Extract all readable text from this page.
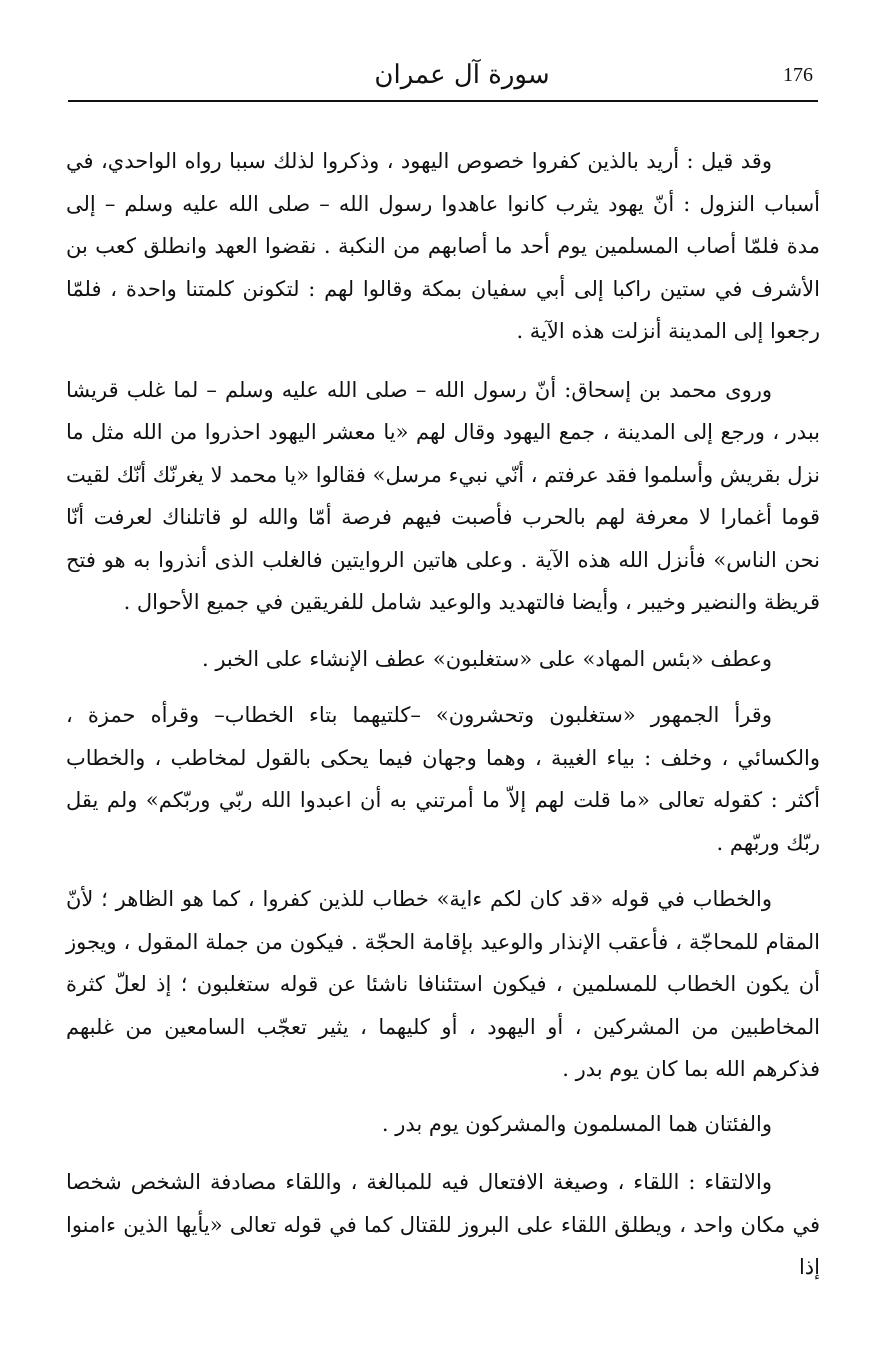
176
سورة آل عمران

وقد قيل : أريد بالذين كفروا خصوص اليهود ، وذكروا لذلك سببا رواه الواحدي، في أسباب النزول : أنّ يهود يثرب كانوا عاهدوا رسول الله – صلى الله عليه وسلم – إلى مدة فلمّا أصاب المسلمين يوم أحد ما أصابهم من النكبة . نقضوا العهد وانطلق كعب بن الأشرف في ستين راكبا إلى أبي سفيان بمكة وقالوا لهم : لتكونن كلمتنا واحدة ، فلمّا رجعوا إلى المدينة أنزلت هذه الآية .

وروى محمد بن إسحاق: أنّ رسول الله – صلى الله عليه وسلم – لما غلب قريشا ببدر ، ورجع إلى المدينة ، جمع اليهود وقال لهم «يا معشر اليهود احذروا من الله مثل ما نزل بقريش وأسلموا فقد عرفتم ، أنّي نبيء مرسل» فقالوا «يا محمد لا يغرنّك أنّك لقيت قوما أغمارا لا معرفة لهم بالحرب فأصبت فيهم فرصة أمّا والله لو قاتلناك لعرفت أنّا نحن الناس» فأنزل الله هذه الآية . وعلى هاتين الروايتين فالغلب الذى أنذروا به هو فتح قريظة والنضير وخيبر ، وأيضا فالتهديد والوعيد شامل للفريقين في جميع الأحوال .

وعطف «بئس المهاد» على «ستغلبون» عطف الإنشاء على الخبر .

وقرأ الجمهور «ستغلبون وتحشرون» –كلتيهما بتاء الخطاب– وقرأه حمزة ، والكسائي ، وخلف : بياء الغيبة ، وهما وجهان فيما يحكى بالقول لمخاطب ، والخطاب أكثر : كقوله تعالى «ما قلت لهم إلاّ ما أمرتني به أن اعبدوا الله ربّي وربّكم» ولم يقل ربّك وربّهم .

والخطاب في قوله «قد كان لكم ءاية» خطاب للذين كفروا ، كما هو الظاهر ؛ لأنّ المقام للمحاجّة ، فأعقب الإنذار والوعيد بإقامة الحجّة . فيكون من جملة المقول ، ويجوز أن يكون الخطاب للمسلمين ، فيكون استئنافا ناشئا عن قوله ستغلبون ؛ إذ لعلّ كثرة المخاطبين من المشركين ، أو اليهود ، أو كليهما ، يثير تعجّب السامعين من غلبهم فذكرهم الله بما كان يوم بدر .

والفئتان هما المسلمون والمشركون يوم بدر .

والالتقاء : اللقاء ، وصيغة الافتعال فيه للمبالغة ، واللقاء مصادفة الشخص شخصا في مكان واحد ، ويطلق اللقاء على البروز للقتال كما في قوله تعالى «يأيها الذين ءامنوا إذا
